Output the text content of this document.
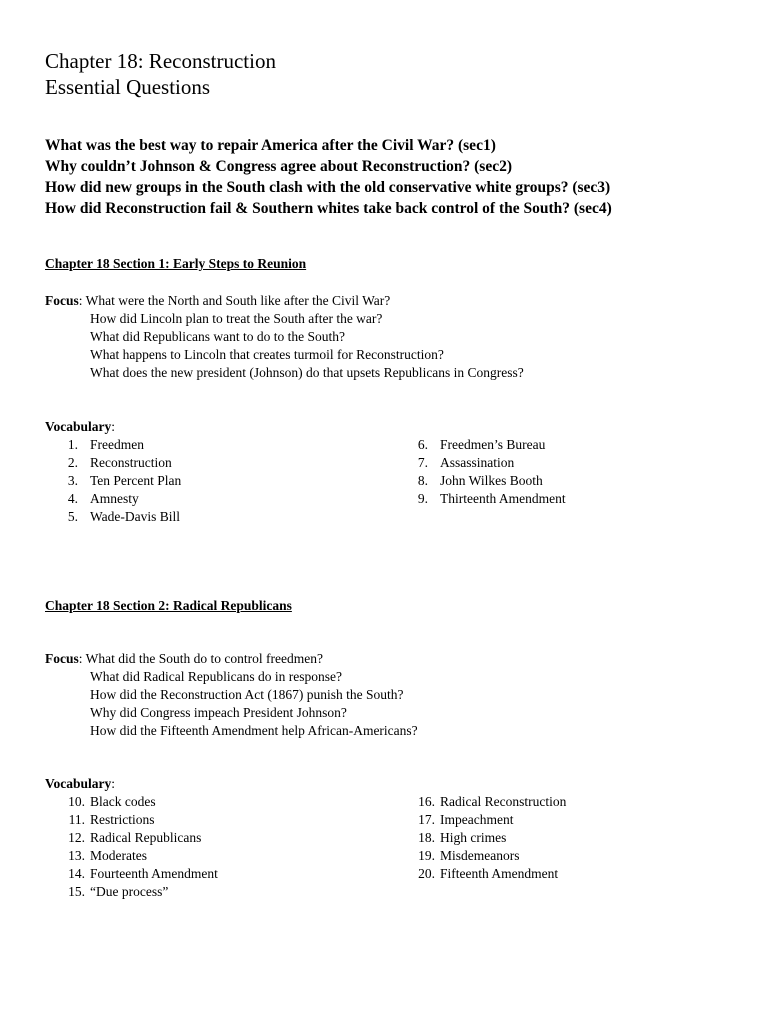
Chapter 18: Reconstruction
Essential Questions
What was the best way to repair America after the Civil War? (sec1)
Why couldn’t Johnson & Congress agree about Reconstruction? (sec2)
How did new groups in the South clash with the old conservative white groups? (sec3)
How did Reconstruction fail & Southern whites take back control of the South? (sec4)
Chapter 18 Section 1: Early Steps to Reunion
Focus: What were the North and South like after the Civil War?
How did Lincoln plan to treat the South after the war?
What did Republicans want to do to the South?
What happens to Lincoln that creates turmoil for Reconstruction?
What does the new president (Johnson) do that upsets Republicans in Congress?
Vocabulary:
1. Freedmen
2. Reconstruction
3. Ten Percent Plan
4. Amnesty
5. Wade-Davis Bill
6. Freedmen’s Bureau
7. Assassination
8. John Wilkes Booth
9. Thirteenth Amendment
Chapter 18 Section 2: Radical Republicans
Focus: What did the South do to control freedmen?
What did Radical Republicans do in response?
How did the Reconstruction Act (1867) punish the South?
Why did Congress impeach President Johnson?
How did the Fifteenth Amendment help African-Americans?
Vocabulary:
10. Black codes
11. Restrictions
12. Radical Republicans
13. Moderates
14. Fourteenth Amendment
15. “Due process”
16. Radical Reconstruction
17. Impeachment
18. High crimes
19. Misdemeanors
20. Fifteenth Amendment
